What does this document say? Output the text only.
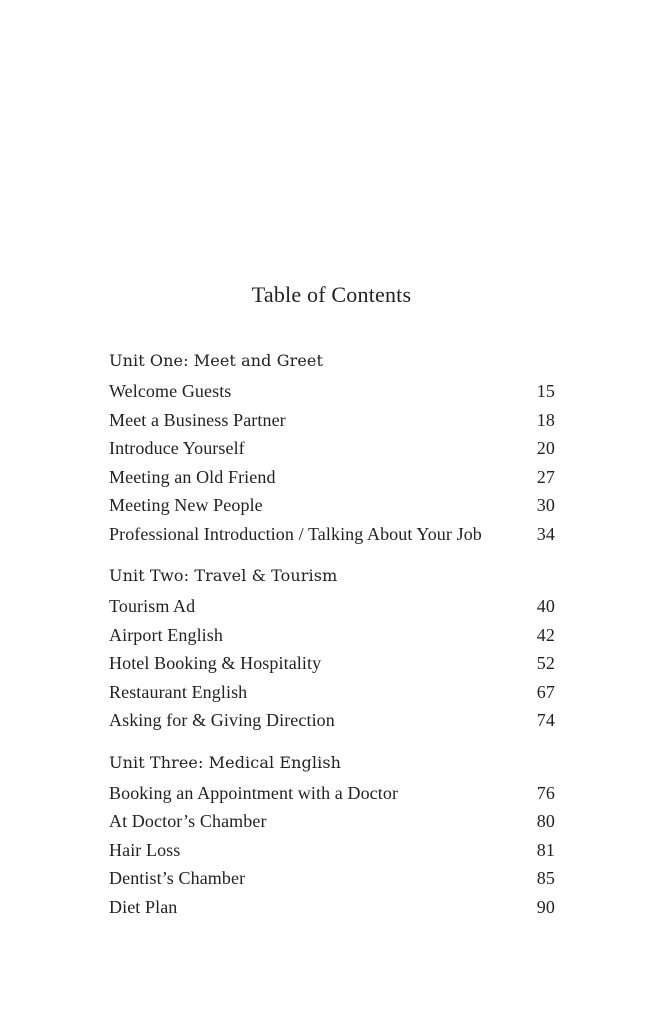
Table of Contents
Unit One: Meet and Greet
Welcome Guests	15
Meet a Business Partner	18
Introduce Yourself	20
Meeting an Old Friend	27
Meeting New People	30
Professional Introduction / Talking About Your Job	34
Unit Two: Travel & Tourism
Tourism Ad	40
Airport English	42
Hotel Booking & Hospitality	52
Restaurant English	67
Asking for & Giving Direction	74
Unit Three: Medical English
Booking an Appointment with a Doctor	76
At Doctor’s Chamber	80
Hair Loss	81
Dentist’s Chamber	85
Diet Plan	90
